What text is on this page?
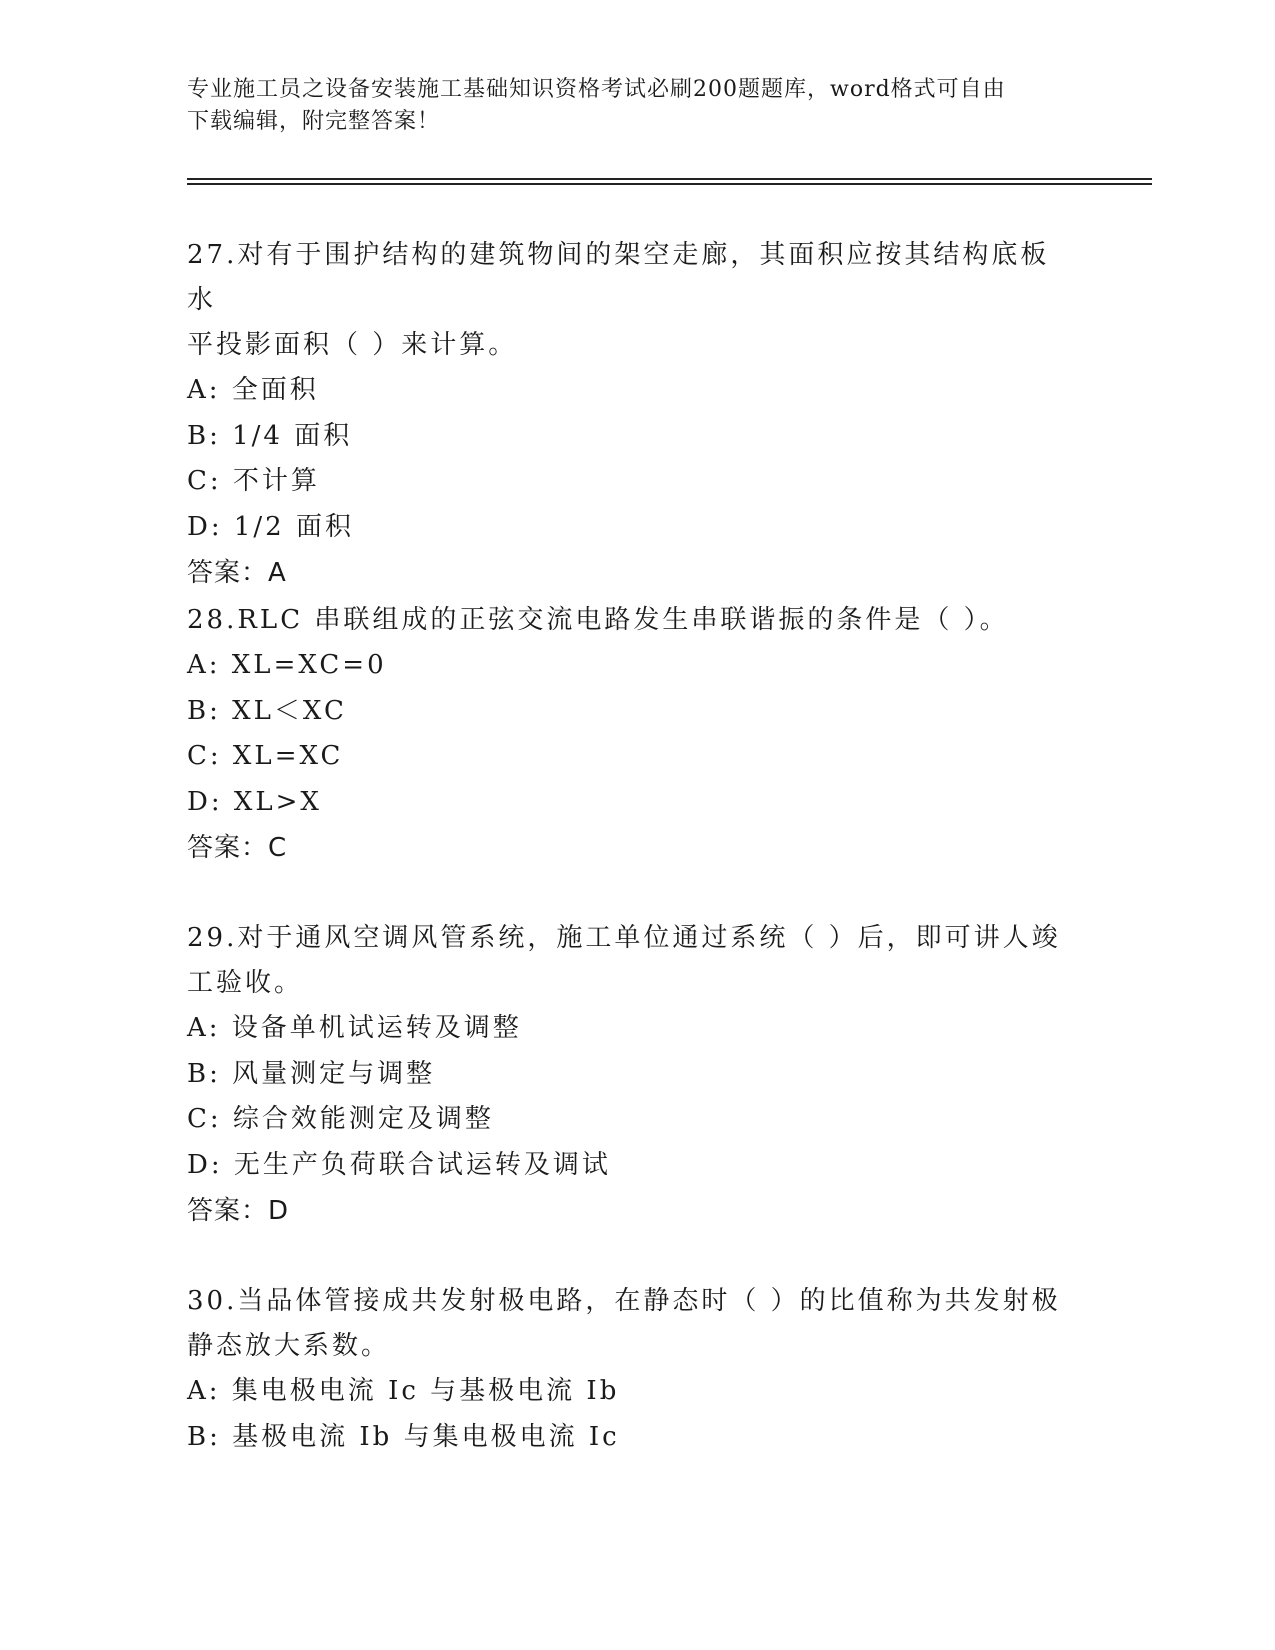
专业施工员之设备安装施工基础知识资格考试必刷200题题库，word格式可自由
下载编辑，附完整答案！

27.对有于围护结构的建筑物间的架空走廊，其面积应按其结构底板水

平投影面积（ ）来计算。

A: 全面积

B: 1/4 面积

C: 不计算

D: 1/2 面积

答案：A

28.RLC 串联组成的正弦交流电路发生串联谐振的条件是（ ）。

A: XL=XC=0

B: XL＜XC

C: XL=XC

D: XL>X

答案：C

29.对于通风空调风管系统，施工单位通过系统（ ）后，即可讲人竣

工验收。

A: 设备单机试运转及调整

B: 风量测定与调整

C: 综合效能测定及调整

D: 无生产负荷联合试运转及调试

答案：D

30.当品体管接成共发射极电路，在静态时（ ）的比值称为共发射极

静态放大系数。

A: 集电极电流 Ic 与基极电流 Ib

B: 基极电流 Ib 与集电极电流 Ic
